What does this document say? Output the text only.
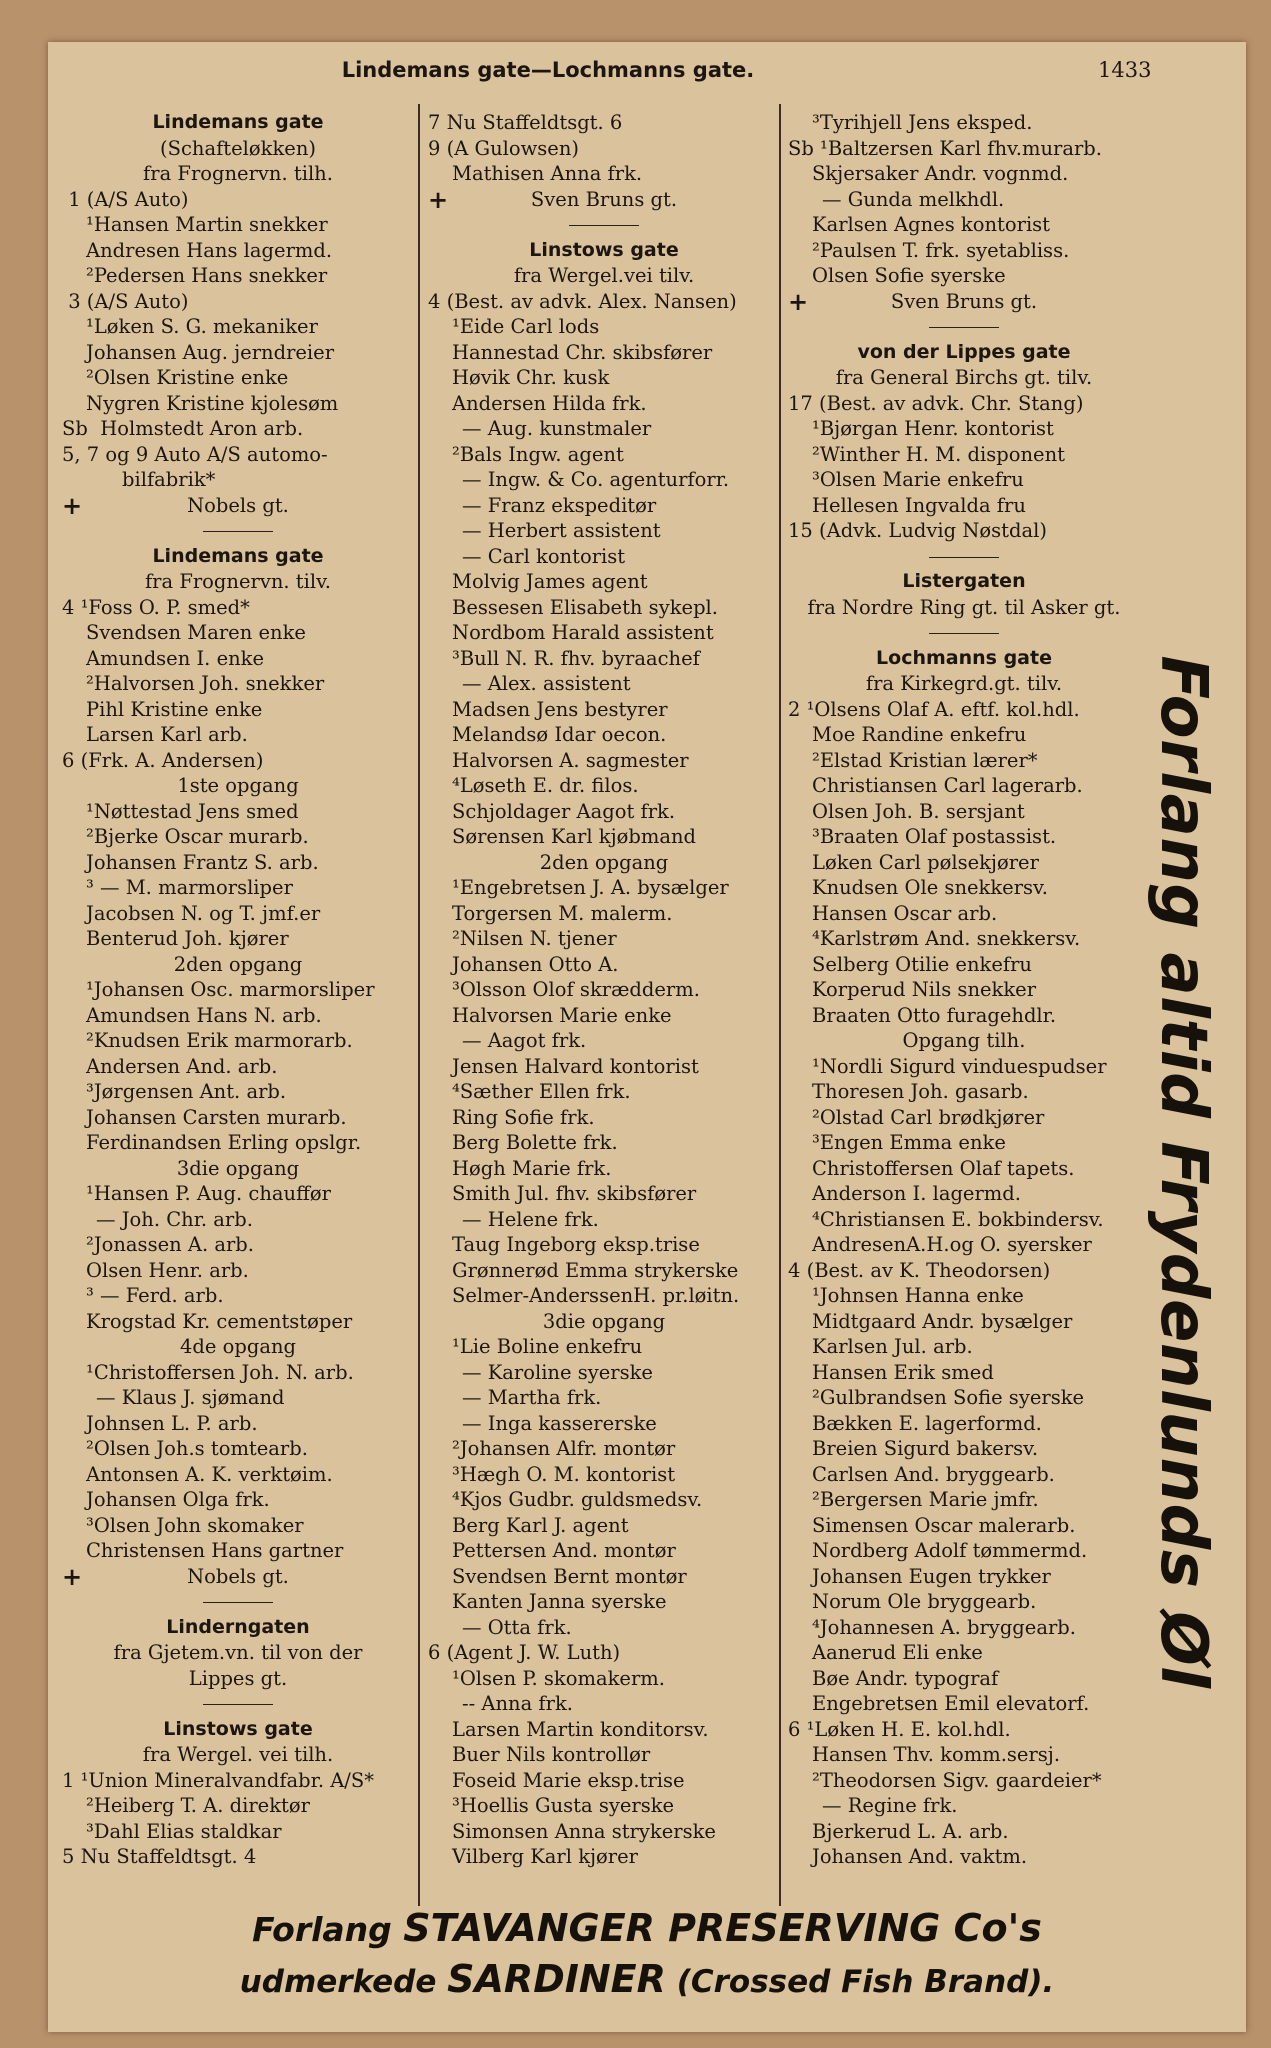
Lindemans gate—Lochmanns gate.	1433
Lindemans gate
(Schafteløkken)
fra Frognervn. tilh.
1 (A/S Auto)
¹Hansen Martin snekker
Andresen Hans lagermd.
²Pedersen Hans snekker
3 (A/S Auto)
¹Løken S. G. mekaniker
Johansen Aug. jerndreier
²Olsen Kristine enke
Nygren Kristine kjolesøm
Sb  Holmstedt Aron arb.
5, 7 og 9 Auto A/S automo-
bilfabrik*
+	Nobels gt.
Lindemans gate
fra Frognervn. tilv.
4 ¹Foss O. P. smed*
Svendsen Maren enke
Amundsen I. enke
²Halvorsen Joh. snekker
Pihl Kristine enke
Larsen Karl arb.
6 (Frk. A. Andersen)
1ste opgang
¹Nøttestad Jens smed
²Bjerke Oscar murarb.
Johansen Frantz S. arb.
³ — M. marmorsliper
Jacobsen N. og T. jmf.er
Benterud Joh. kjører
2den opgang
¹Johansen Osc. marmorsliper
Amundsen Hans N. arb.
²Knudsen Erik marmorarb.
Andersen And. arb.
³Jørgensen Ant. arb.
Johansen Carsten murarb.
Ferdinandsen Erling opslgr.
3die opgang
¹Hansen P. Aug. chauffør
— Joh. Chr. arb.
²Jonassen A. arb.
Olsen Henr. arb.
³ — Ferd. arb.
Krogstad Kr. cementstøper
4de opgang
¹Christoffersen Joh. N. arb.
— Klaus J. sjømand
Johnsen L. P. arb.
²Olsen Joh.s tomtearb.
Antonsen A. K. verktøim.
Johansen Olga frk.
³Olsen John skomaker
Christensen Hans gartner
+	Nobels gt.
Linderngaten
fra Gjetem.vn. til von der
Lippes gt.
Linstows gate
fra Wergel. vei tilh.
1 ¹Union Mineralvandfabr. A/S*
²Heiberg T. A. direktør
³Dahl Elias staldkar
5 Nu Staffeldtsgt. 4
7 Nu Staffeldtsgt. 6
9 (A Gulowsen)
Mathisen Anna frk.
+	Sven Bruns gt.
Linstows gate
fra Wergel.vei tilv.
4 (Best. av advk. Alex. Nansen)
¹Eide Carl lods
Hannestad Chr. skibsfører
Høvik Chr. kusk
Andersen Hilda frk.
— Aug. kunstmaler
²Bals Ingw. agent
— Ingw. & Co. agenturforr.
— Franz ekspeditør
— Herbert assistent
— Carl kontorist
Molvig James agent
Bessesen Elisabeth sykepl.
Nordbom Harald assistent
³Bull N. R. fhv. byraachef
— Alex. assistent
Madsen Jens bestyrer
Melandsø Idar oecon.
Halvorsen A. sagmester
⁴Løseth E. dr. filos.
Schjoldager Aagot frk.
Sørensen Karl kjøbmand
2den opgang
¹Engebretsen J. A. bysælger
Torgersen M. malerm.
²Nilsen N. tjener
Johansen Otto A.
³Olsson Olof skrædderm.
Halvorsen Marie enke
— Aagot frk.
Jensen Halvard kontorist
⁴Sæther Ellen frk.
Ring Sofie frk.
Berg Bolette frk.
Høgh Marie frk.
Smith Jul. fhv. skibsfører
— Helene frk.
Taug Ingeborg eksp.trise
Grønnerød Emma strykerske
Selmer-AnderssenH. pr.løitn.
3die opgang
¹Lie Boline enkefru
— Karoline syerske
— Martha frk.
— Inga kassererske
²Johansen Alfr. montør
³Hægh O. M. kontorist
⁴Kjos Gudbr. guldsmedsv.
Berg Karl J. agent
Pettersen And. montør
Svendsen Bernt montør
Kanten Janna syerske
— Otta frk.
6 (Agent J. W. Luth)
¹Olsen P. skomakerm.
-- Anna frk.
Larsen Martin konditorsv.
Buer Nils kontrollør
Foseid Marie eksp.trise
³Hoellis Gusta syerske
Simonsen Anna strykerske
Vilberg Karl kjører
³Tyrihjell Jens eksped.
Sb ¹Baltzersen Karl fhv.murarb.
Skjersaker Andr. vognmd.
— Gunda melkhdl.
Karlsen Agnes kontorist
²Paulsen T. frk. syetabliss.
Olsen Sofie syerske
+	Sven Bruns gt.
von der Lippes gate
fra General Birchs gt. tilv.
17 (Best. av advk. Chr. Stang)
¹Bjørgan Henr. kontorist
²Winther H. M. disponent
³Olsen Marie enkefru
Hellesen Ingvalda fru
15 (Advk. Ludvig Nøstdal)
Listergaten
fra Nordre Ring gt. til Asker gt.
Lochmanns gate
fra Kirkegrd.gt. tilv.
2 ¹Olsens Olaf A. eftf. kol.hdl.
Moe Randine enkefru
²Elstad Kristian lærer*
Christiansen Carl lagerarb.
Olsen Joh. B. sersjant
³Braaten Olaf postassist.
Løken Carl pølsekjører
Knudsen Ole snekkersv.
Hansen Oscar arb.
⁴Karlstrøm And. snekkersv.
Selberg Otilie enkefru
Korperud Nils snekker
Braaten Otto furagehdlr.
Opgang tilh.
¹Nordli Sigurd vinduespudser
Thoresen Joh. gasarb.
²Olstad Carl brødkjører
³Engen Emma enke
Christoffersen Olaf tapets.
Anderson I. lagermd.
⁴Christiansen E. bokbindersv.
AndresenA.H.og O. syersker
4 (Best. av K. Theodorsen)
¹Johnsen Hanna enke
Midtgaard Andr. bysælger
Karlsen Jul. arb.
Hansen Erik smed
²Gulbrandsen Sofie syerske
Bækken E. lagerformd.
Breien Sigurd bakersv.
Carlsen And. bryggearb.
²Bergersen Marie jmfr.
Simensen Oscar malerarb.
Nordberg Adolf tømmermd.
Johansen Eugen trykker
Norum Ole bryggearb.
⁴Johannesen A. bryggearb.
Aanerud Eli enke
Bøe Andr. typograf
Engebretsen Emil elevatorf.
6 ¹Løken H. E. kol.hdl.
Hansen Thv. komm.sersj.
²Theodorsen Sigv. gaardeier*
— Regine frk.
Bjerkerud L. A. arb.
Johansen And. vaktm.
Forlang altid Frydenlunds Øl
Forlang STAVANGER PRESERVING Co's
udmerkede SARDINER (Crossed Fish Brand).
